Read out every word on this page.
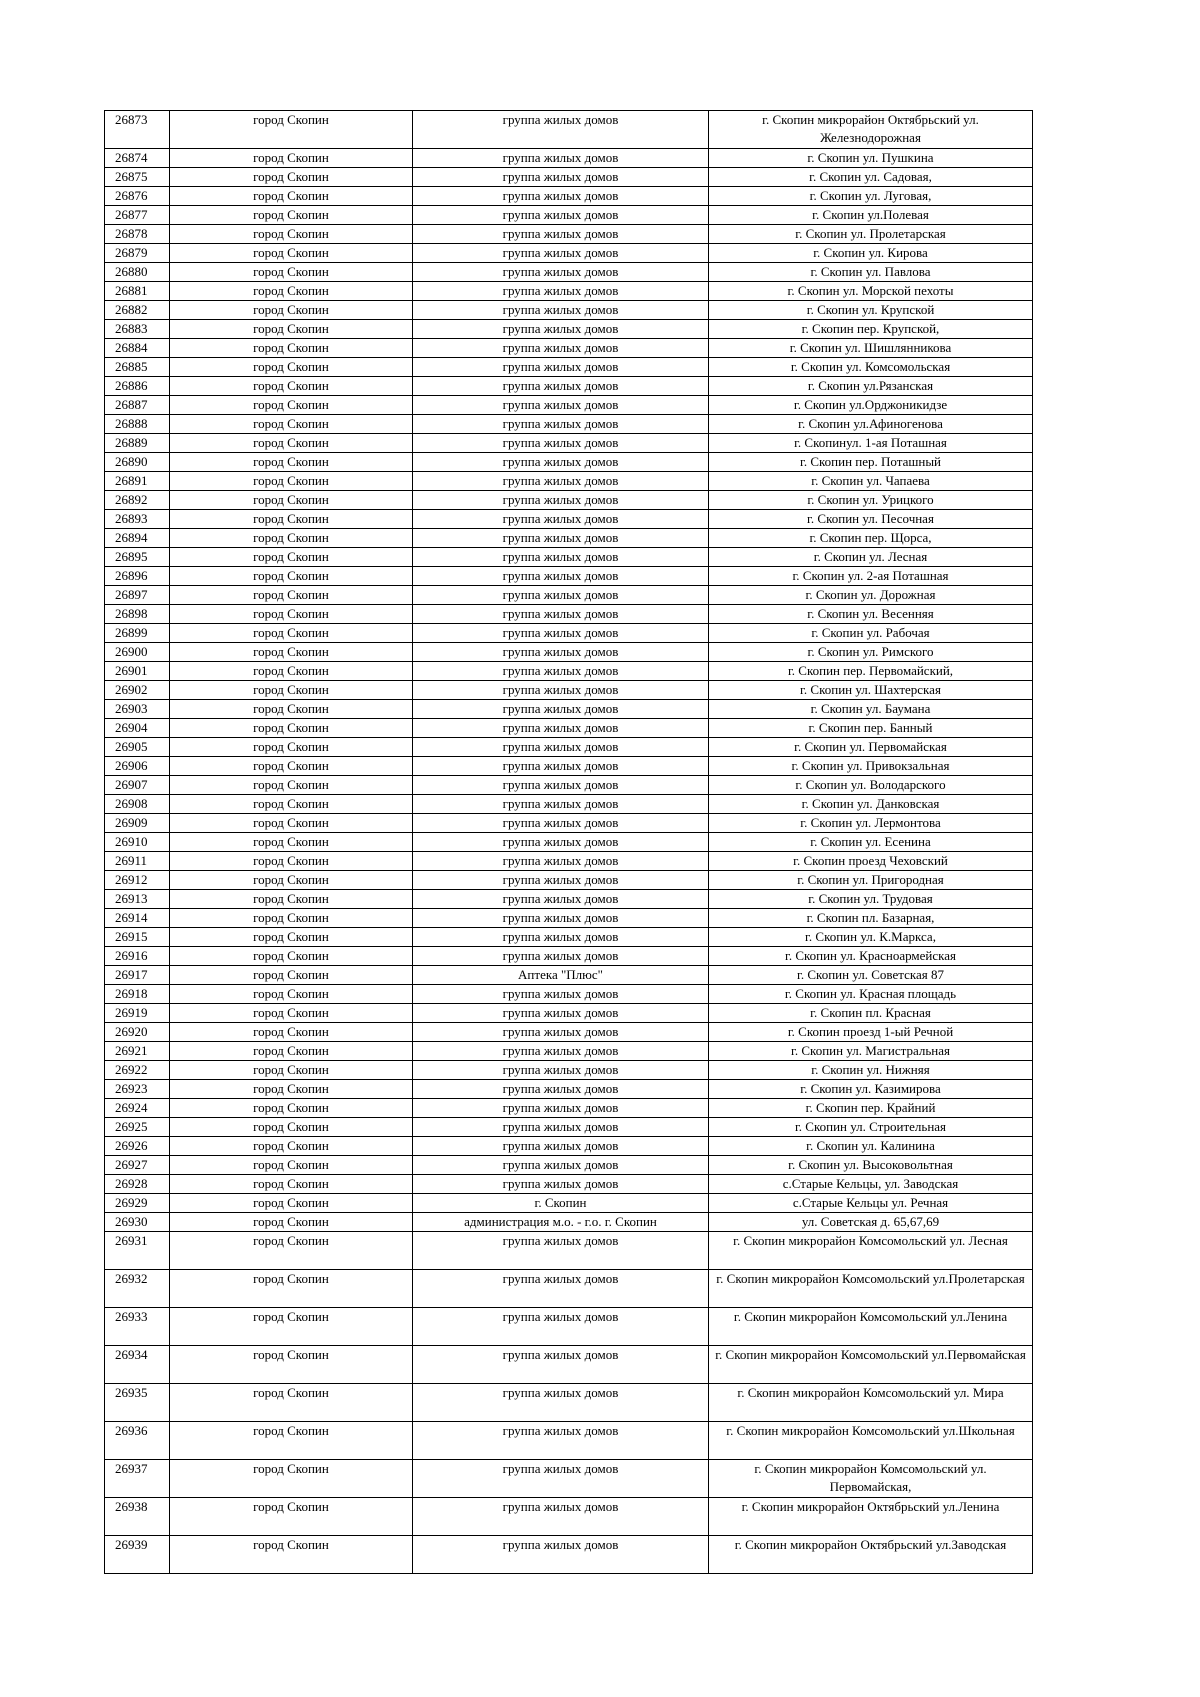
26873	город Скопин	группа жилых домов	г. Скопин микрорайон Октябрьский ул. Железнодорожная
26874	город Скопин	группа жилых домов	г. Скопин ул. Пушкина
26875	город Скопин	группа жилых домов	г. Скопин ул. Садовая,
26876	город Скопин	группа жилых домов	г. Скопин ул. Луговая,
26877	город Скопин	группа жилых домов	г. Скопин ул.Полевая
26878	город Скопин	группа жилых домов	г. Скопин ул. Пролетарская
26879	город Скопин	группа жилых домов	г. Скопин ул. Кирова
26880	город Скопин	группа жилых домов	г. Скопин ул. Павлова
26881	город Скопин	группа жилых домов	г. Скопин ул. Морской пехоты
26882	город Скопин	группа жилых домов	г. Скопин ул. Крупской
26883	город Скопин	группа жилых домов	г. Скопин пер. Крупской,
26884	город Скопин	группа жилых домов	г. Скопин ул. Шишлянникова
26885	город Скопин	группа жилых домов	г. Скопин ул. Комсомольская
26886	город Скопин	группа жилых домов	г. Скопин ул.Рязанская
26887	город Скопин	группа жилых домов	г. Скопин ул.Орджоникидзе
26888	город Скопин	группа жилых домов	г. Скопин ул.Афиногенова
26889	город Скопин	группа жилых домов	г. Скопинул. 1-ая Поташная
26890	город Скопин	группа жилых домов	г. Скопин пер. Поташный
26891	город Скопин	группа жилых домов	г. Скопин ул. Чапаева
26892	город Скопин	группа жилых домов	г. Скопин ул. Урицкого
26893	город Скопин	группа жилых домов	г. Скопин ул. Песочная
26894	город Скопин	группа жилых домов	г. Скопин пер. Щорса,
26895	город Скопин	группа жилых домов	г. Скопин ул. Лесная
26896	город Скопин	группа жилых домов	г. Скопин ул. 2-ая Поташная
26897	город Скопин	группа жилых домов	г. Скопин ул. Дорожная
26898	город Скопин	группа жилых домов	г. Скопин ул. Весенняя
26899	город Скопин	группа жилых домов	г. Скопин ул. Рабочая
26900	город Скопин	группа жилых домов	г. Скопин ул. Римского
26901	город Скопин	группа жилых домов	г. Скопин пер. Первомайский,
26902	город Скопин	группа жилых домов	г. Скопин ул. Шахтерская
26903	город Скопин	группа жилых домов	г. Скопин ул. Баумана
26904	город Скопин	группа жилых домов	г. Скопин пер. Банный
26905	город Скопин	группа жилых домов	г. Скопин ул. Первомайская
26906	город Скопин	группа жилых домов	г. Скопин ул. Привокзальная
26907	город Скопин	группа жилых домов	г. Скопин ул. Володарского
26908	город Скопин	группа жилых домов	г. Скопин ул. Данковская
26909	город Скопин	группа жилых домов	г. Скопин ул. Лермонтова
26910	город Скопин	группа жилых домов	г. Скопин ул. Есенина
26911	город Скопин	группа жилых домов	г. Скопин проезд Чеховский
26912	город Скопин	группа жилых домов	г. Скопин ул. Пригородная
26913	город Скопин	группа жилых домов	г. Скопин ул. Трудовая
26914	город Скопин	группа жилых домов	г. Скопин пл. Базарная,
26915	город Скопин	группа жилых домов	г. Скопин ул. К.Маркса,
26916	город Скопин	группа жилых домов	г. Скопин ул. Красноармейская
26917	город Скопин	Аптека "Плюс"	г. Скопин ул. Советская 87
26918	город Скопин	группа жилых домов	г. Скопин ул. Красная площадь
26919	город Скопин	группа жилых домов	г. Скопин пл. Красная
26920	город Скопин	группа жилых домов	г. Скопин проезд 1-ый Речной
26921	город Скопин	группа жилых домов	г. Скопин ул. Магистральная
26922	город Скопин	группа жилых домов	г. Скопин ул. Нижняя
26923	город Скопин	группа жилых домов	г. Скопин ул. Казимирова
26924	город Скопин	группа жилых домов	г. Скопин пер. Крайний
26925	город Скопин	группа жилых домов	г. Скопин ул. Строительная
26926	город Скопин	группа жилых домов	г. Скопин ул. Калинина
26927	город Скопин	группа жилых домов	г. Скопин ул. Высоковольтная
26928	город Скопин	группа жилых домов	с.Старые Кельцы, ул. Заводская
26929	город Скопин	г. Скопин	с.Старые Кельцы ул. Речная
26930	город Скопин	администрация м.о. - г.о. г. Скопин	ул. Советская д. 65,67,69
26931	город Скопин	группа жилых домов	г. Скопин микрорайон Комсомольский ул. Лесная
26932	город Скопин	группа жилых домов	г. Скопин микрорайон Комсомольский ул.Пролетарская
26933	город Скопин	группа жилых домов	г. Скопин микрорайон Комсомольский ул.Ленина
26934	город Скопин	группа жилых домов	г. Скопин микрорайон Комсомольский ул.Первомайская
26935	город Скопин	группа жилых домов	г. Скопин микрорайон Комсомольский ул. Мира
26936	город Скопин	группа жилых домов	г. Скопин микрорайон Комсомольский ул.Школьная
26937	город Скопин	группа жилых домов	г. Скопин микрорайон Комсомольский ул. Первомайская,
26938	город Скопин	группа жилых домов	г. Скопин микрорайон Октябрьский ул.Ленина
26939	город Скопин	группа жилых домов	г. Скопин микрорайон Октябрьский ул.Заводская
